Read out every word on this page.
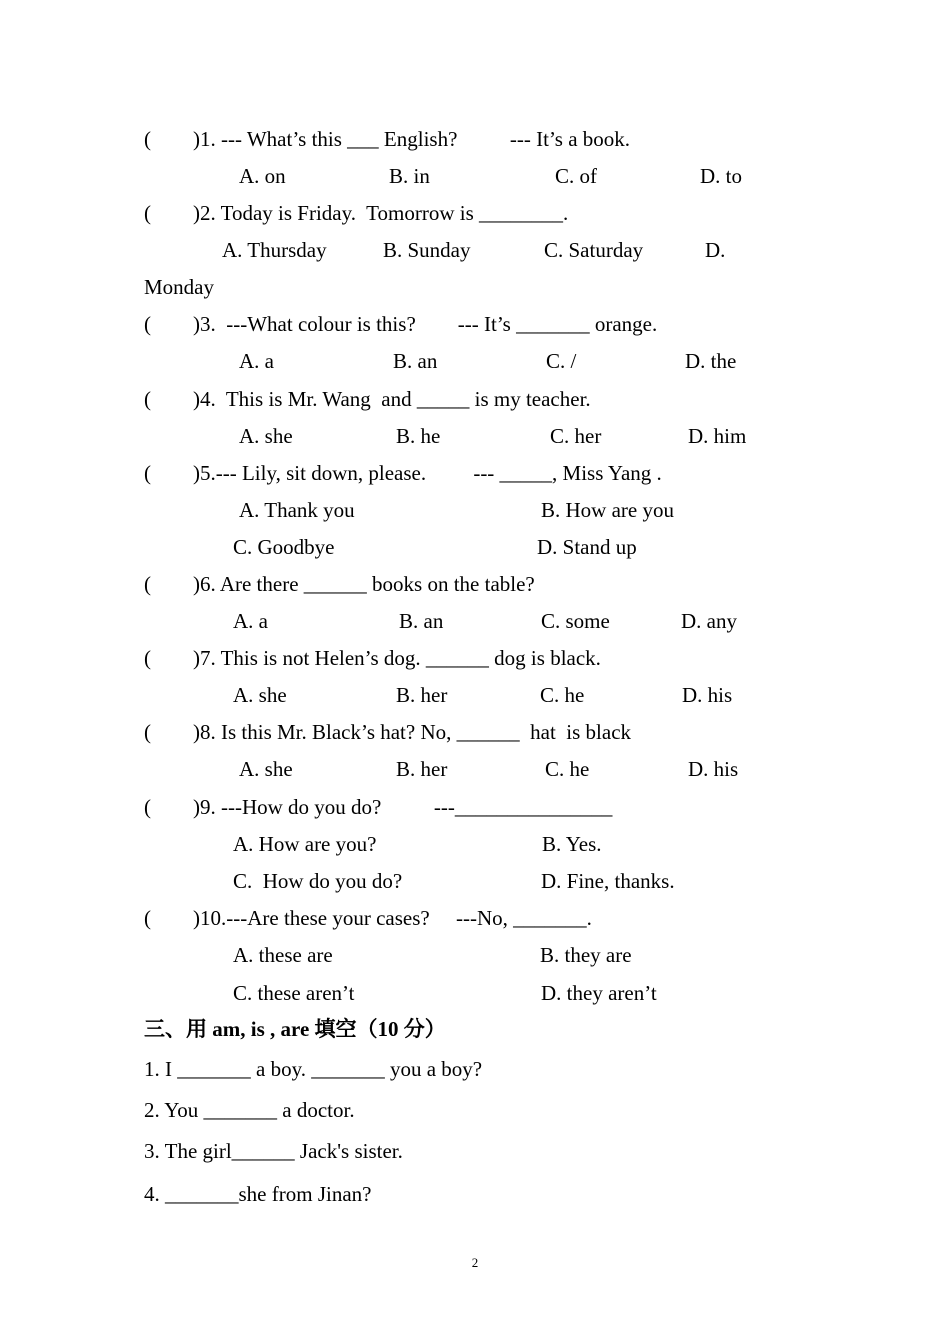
(        )1. --- What’s this ___ English?          --- It’s a book.
A. on	B. in	C. of	D. to
(        )2. Today is Friday.  Tomorrow is ________.
A. Thursday	B. Sunday	C. Saturday	D.
Monday
(        )3.  ---What colour is this?        --- It’s _______ orange.
A. a	B. an	C. /	D. the
(        )4.  This is Mr. Wang  and _____ is my teacher.
A. she	B. he	C. her	D. him
(        )5.--- Lily, sit down, please.         --- _____, Miss Yang .
A. Thank you	B. How are you
C. Goodbye	D. Stand up
(        )6. Are there ______ books on the table?
A. a	B. an	C. some	D. any
(        )7. This is not Helen’s dog. ______ dog is black.
A. she	B. her	C. he	D. his
(        )8. Is this Mr. Black’s hat? No, ______  hat  is black
A. she	B. her	C. he	D. his
(        )9. ---How do you do?          ---_______________
A. How are you?	B. Yes.
C.  How do you do?	D. Fine, thanks.
(        )10.---Are these your cases?     ---No, _______.
A. these are	B. they are
C. these aren’t	D. they aren’t
三、用 am, is , are 填空（10 分）
1. I _______ a boy. _______ you a boy?
2. You _______ a doctor.
3. The girl______ Jack's sister.
4. _______she from Jinan?
2
